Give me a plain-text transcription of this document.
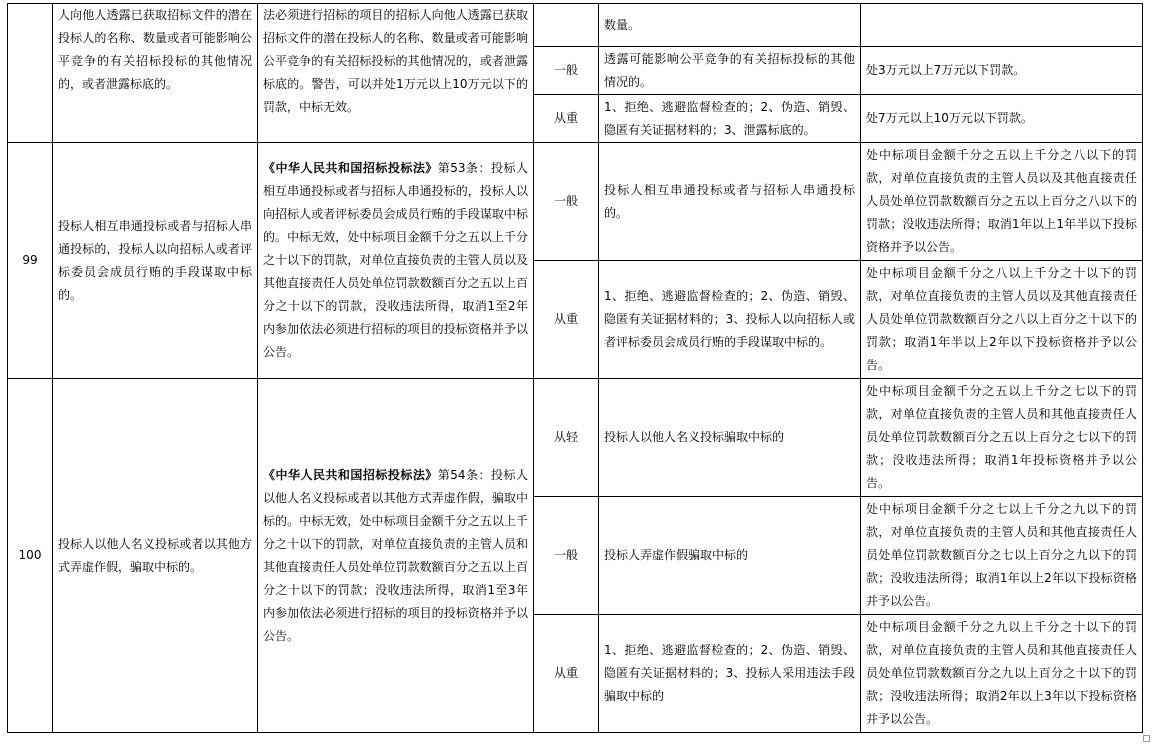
	人向他人透露已获取招标文件的潜在投标人的名称、数量或者可能影响公平竞争的有关招标投标的其他情况的，或者泄露标底的。	法必须进行招标的项目的招标人向他人透露已获取招标文件的潜在投标人的名称、数量或者可能影响公平竞争的有关招标投标的其他情况的，或者泄露标底的。警告，可以并处1万元以上10万元以下的罚款，中标无效。		数量。	
			一般	透露可能影响公平竞争的有关招标投标的其他情况的。	处3万元以上7万元以下罚款。
			从重	1、拒绝、逃避监督检查的；2、伪造、销毁、隐匿有关证据材料的；3、泄露标底的。	处7万元以上10万元以下罚款。
99	投标人相互串通投标或者与招标人串通投标的，投标人以向招标人或者评标委员会成员行贿的手段谋取中标的。	《中华人民共和国招标投标法》第53条：投标人相互串通投标或者与招标人串通投标的，投标人以向招标人或者评标委员会成员行贿的手段谋取中标的。中标无效，处中标项目金额千分之五以上千分之十以下的罚款，对单位直接负责的主管人员以及其他直接责任人员处单位罚款数额百分之五以上百分之十以下的罚款，没收违法所得，取消1至2年内参加依法必须进行招标的项目的投标资格并予以公告。	一般	投标人相互串通投标或者与招标人串通投标的。	处中标项目金额千分之五以上千分之八以下的罚款，对单位直接负责的主管人员以及其他直接责任人员处单位罚款数额百分之五以上百分之八以下的罚款；没收违法所得；取消1年以上1年半以下投标资格并予以公告。
			从重	1、拒绝、逃避监督检查的；2、伪造、销毁、隐匿有关证据材料的；3、投标人以向招标人或者评标委员会成员行贿的手段谋取中标的。	处中标项目金额千分之八以上千分之十以下的罚款，对单位直接负责的主管人员以及其他直接责任人员处单位罚款数额百分之八以上百分之十以下的罚款；取消1年半以上2年以下投标资格并予以公告。
100	投标人以他人名义投标或者以其他方式弄虚作假，骗取中标的。	《中华人民共和国招标投标法》第54条：投标人以他人名义投标或者以其他方式弄虚作假，骗取中标的。中标无效，处中标项目金额千分之五以上千分之十以下的罚款，对单位直接负责的主管人员和其他直接责任人员处单位罚款数额百分之五以上百分之十以下的罚款；没收违法所得，取消1至3年内参加依法必须进行招标的项目的投标资格并予以公告。	从轻	投标人以他人名义投标骗取中标的	处中标项目金额千分之五以上千分之七以下的罚款，对单位直接负责的主管人员和其他直接责任人员处单位罚款数额百分之五以上百分之七以下的罚款；没收违法所得；取消1年投标资格并予以公告。
			一般	投标人弄虚作假骗取中标的	处中标项目金额千分之七以上千分之九以下的罚款，对单位直接负责的主管人员和其他直接责任人员处单位罚款数额百分之七以上百分之九以下的罚款；没收违法所得；取消1年以上2年以下投标资格并予以公告。
			从重	1、拒绝、逃避监督检查的；2、伪造、销毁、隐匿有关证据材料的；3、投标人采用违法手段骗取中标的	处中标项目金额千分之九以上千分之十以下的罚款，对单位直接负责的主管人员和其他直接责任人员处单位罚款数额百分之九以上百分之十以下的罚款；没收违法所得；取消2年以上3年以下投标资格并予以公告。
